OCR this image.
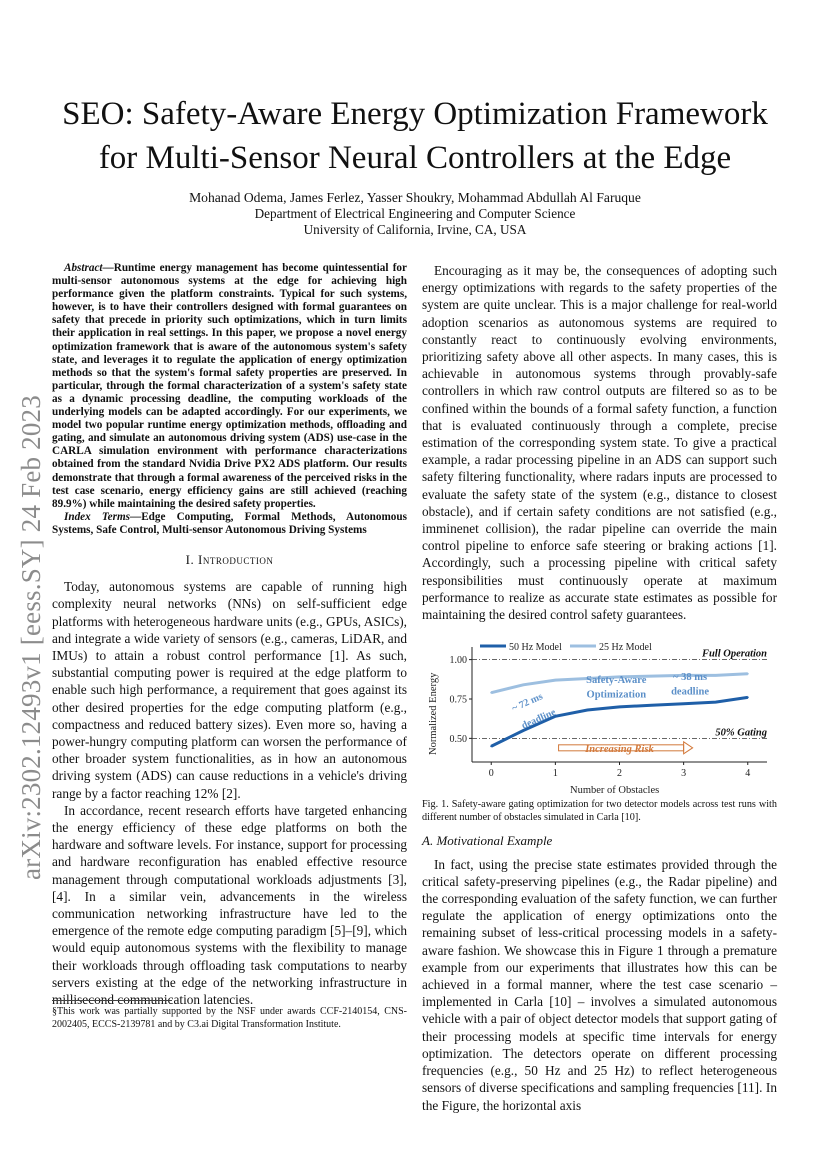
arXiv:2302.12493v1 [eess.SY] 24 Feb 2023
SEO: Safety-Aware Energy Optimization Framework for Multi-Sensor Neural Controllers at the Edge
Mohanad Odema, James Ferlez, Yasser Shoukry, Mohammad Abdullah Al Faruque
Department of Electrical Engineering and Computer Science
University of California, Irvine, CA, USA

Abstract—Runtime energy management has become quintessential for multi-sensor autonomous systems at the edge for achieving high performance given the platform constraints. Typical for such systems, however, is to have their controllers designed with formal guarantees on safety that precede in priority such optimizations, which in turn limits their application in real settings. In this paper, we propose a novel energy optimization framework that is aware of the autonomous system's safety state, and leverages it to regulate the application of energy optimization methods so that the system's formal safety properties are preserved. In particular, through the formal characterization of a system's safety state as a dynamic processing deadline, the computing workloads of the underlying models can be adapted accordingly. For our experiments, we model two popular runtime energy optimization methods, offloading and gating, and simulate an autonomous driving system (ADS) use-case in the CARLA simulation environment with performance characterizations obtained from the standard Nvidia Drive PX2 ADS platform. Our results demonstrate that through a formal awareness of the perceived risks in the test case scenario, energy efficiency gains are still achieved (reaching 89.9%) while maintaining the desired safety properties.

Index Terms—Edge Computing, Formal Methods, Autonomous Systems, Safe Control, Multi-sensor Autonomous Driving Systems

I. Introduction

Today, autonomous systems are capable of running high complexity neural networks (NNs) on self-sufficient edge platforms with heterogeneous hardware units (e.g., GPUs, ASICs), and integrate a wide variety of sensors (e.g., cameras, LiDAR, and IMUs) to attain a robust control performance [1]. As such, substantial computing power is required at the edge platform to enable such high performance, a requirement that goes against its other desired properties for the edge computing platform (e.g., compactness and reduced battery sizes). Even more so, having a power-hungry computing platform can worsen the performance of other broader system functionalities, as in how an autonomous driving system (ADS) can cause reductions in a vehicle's driving range by a factor reaching 12% [2].

In accordance, recent research efforts have targeted enhancing the energy efficiency of these edge platforms on both the hardware and software levels. For instance, support for processing and hardware reconfiguration has enabled effective resource management through computational workloads adjustments [3], [4]. In a similar vein, advancements in the wireless communication networking infrastructure have led to the emergence of the remote edge computing paradigm [5]–[9], which would equip autonomous systems with the flexibility to manage their workloads through offloading task computations to nearby servers existing at the edge of the networking infrastructure in millisecond communication latencies.

§This work was partially supported by the NSF under awards CCF-2140154, CNS-2002405, ECCS-2139781 and by C3.ai Digital Transformation Institute.

Encouraging as it may be, the consequences of adopting such energy optimizations with regards to the safety properties of the system are quite unclear. This is a major challenge for real-world adoption scenarios as autonomous systems are required to constantly react to continuously evolving environments, prioritizing safety above all other aspects. In many cases, this is achievable in autonomous systems through provably-safe controllers in which raw control outputs are filtered so as to be confined within the bounds of a formal safety function, a function that is evaluated continuously through a complete, precise estimation of the corresponding system state. To give a practical example, a radar processing pipeline in an ADS can support such safety filtering functionality, where radars inputs are processed to evaluate the safety state of the system (e.g., distance to closest obstacle), and if certain safety conditions are not satisfied (e.g., imminenet collision), the radar pipeline can override the main control pipeline to enforce safe steering or braking actions [1]. Accordingly, such a processing pipeline with critical safety responsibilities must continuously operate at maximum performance to realize as accurate state estimates as possible for maintaining the desired control safety guarantees.

50 Hz Model	25 Hz Model
Full Operation
50% Gating
0.50
0.75
1.00
0	1	2	3	4
~ 72 ms
deadline
Safety-Aware
Optimization
~ 38 ms
deadline
Increasing Risk
Normalized Energy
Number of Obstacles
Fig. 1. Safety-aware gating optimization for two detector models across test runs with different number of obstacles simulated in Carla [10].
A. Motivational Example

In fact, using the precise state estimates provided through the critical safety-preserving pipelines (e.g., the Radar pipeline) and the corresponding evaluation of the safety function, we can further regulate the application of energy optimizations onto the remaining subset of less-critical processing models in a safety-aware fashion. We showcase this in Figure 1 through a premature example from our experiments that illustrates how this can be achieved in a formal manner, where the test case scenario – implemented in Carla [10] – involves a simulated autonomous vehicle with a pair of object detector models that support gating of their processing models at specific time intervals for energy optimization. The detectors operate on different processing frequencies (e.g., 50 Hz and 25 Hz) to reflect heterogeneous sensors of diverse specifications and sampling frequencies [11]. In the Figure, the horizontal axis
